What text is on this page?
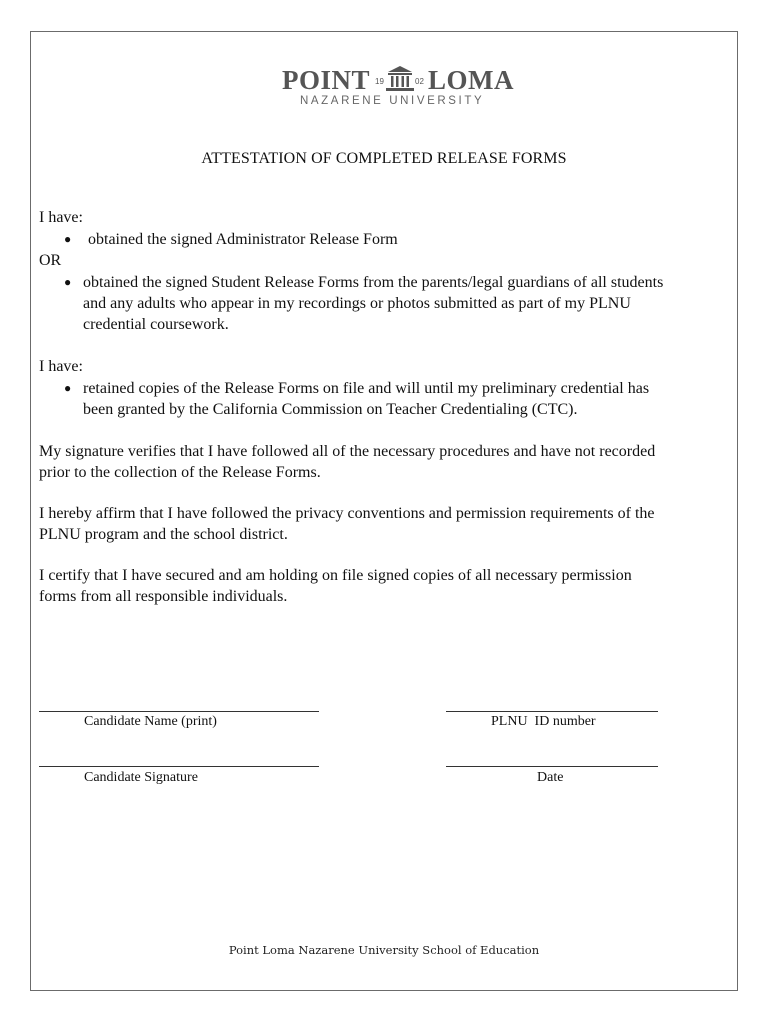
POINT 19	02 LOMA
NAZARENE UNIVERSITY
ATTESTATION OF COMPLETED RELEASE FORMS
I have:
● obtained the signed Administrator Release Form
OR
● obtained the signed Student Release Forms from the parents/legal guardians of all students
and any adults who appear in my recordings or photos submitted as part of my PLNU
credential coursework.
I have:
● retained copies of the Release Forms on file and will until my preliminary credential has
been granted by the California Commission on Teacher Credentialing (CTC).
My signature verifies that I have followed all of the necessary procedures and have not recorded
prior to the collection of the Release Forms.
I hereby affirm that I have followed the privacy conventions and permission requirements of the
PLNU program and the school district.
I certify that I have secured and am holding on file signed copies of all necessary permission
forms from all responsible individuals.
Candidate Name (print)	PLNU  ID number
Candidate Signature	Date
Point Loma Nazarene University School of Education
